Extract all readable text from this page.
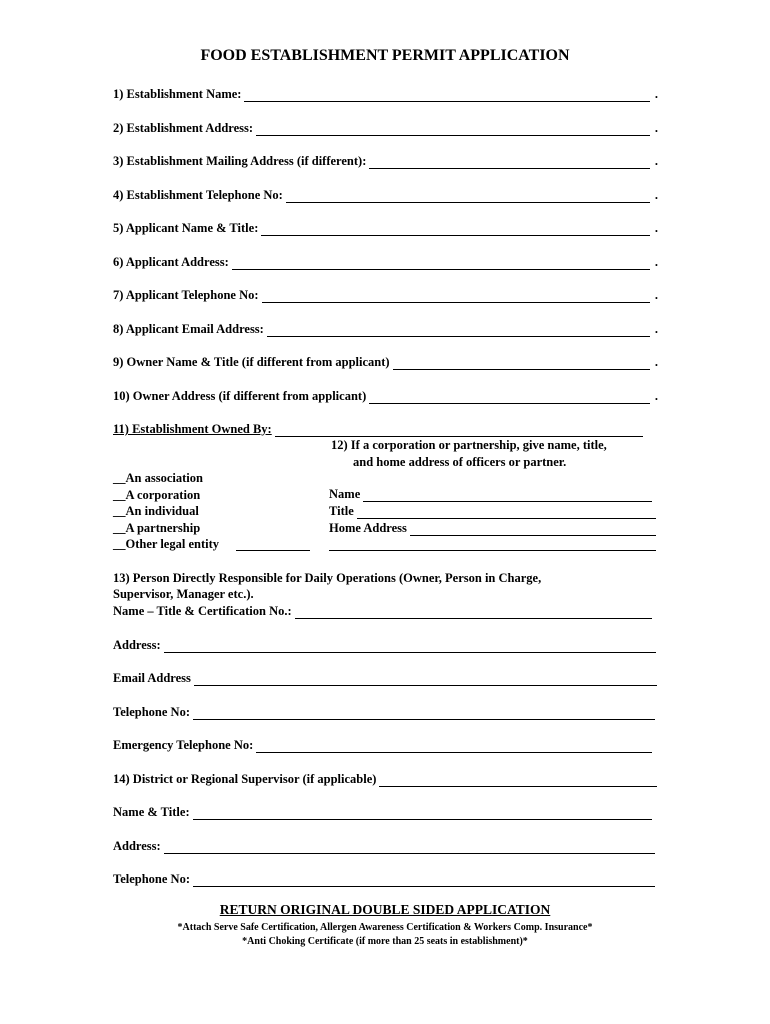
FOOD ESTABLISHMENT PERMIT APPLICATION
1) Establishment Name:	.
2) Establishment Address:	.
3) Establishment Mailing Address (if different):	.
4) Establishment Telephone No:	.
5) Applicant Name & Title:	.
6) Applicant Address:	.
7) Applicant Telephone No:	.
8) Applicant Email Address:	.
9) Owner Name & Title (if different from applicant)	.
10) Owner Address (if different from applicant)	.
11) Establishment Owned By:
12) If a corporation or partnership, give name, title,
and home address of officers or partner.
__An association
__A corporation
__An individual
__A partnership
__Other legal entity
Name
Title
Home Address
13) Person Directly Responsible for Daily Operations (Owner, Person in Charge,
Supervisor, Manager etc.).
Name – Title & Certification No.:
Address:
Email Address
Telephone No:
Emergency Telephone No:
14) District or Regional Supervisor (if applicable)
Name & Title:
Address:
Telephone No:
RETURN ORIGINAL DOUBLE SIDED APPLICATION
*Attach Serve Safe Certification, Allergen Awareness Certification & Workers Comp. Insurance*
*Anti Choking Certificate (if more than 25 seats in establishment)*
